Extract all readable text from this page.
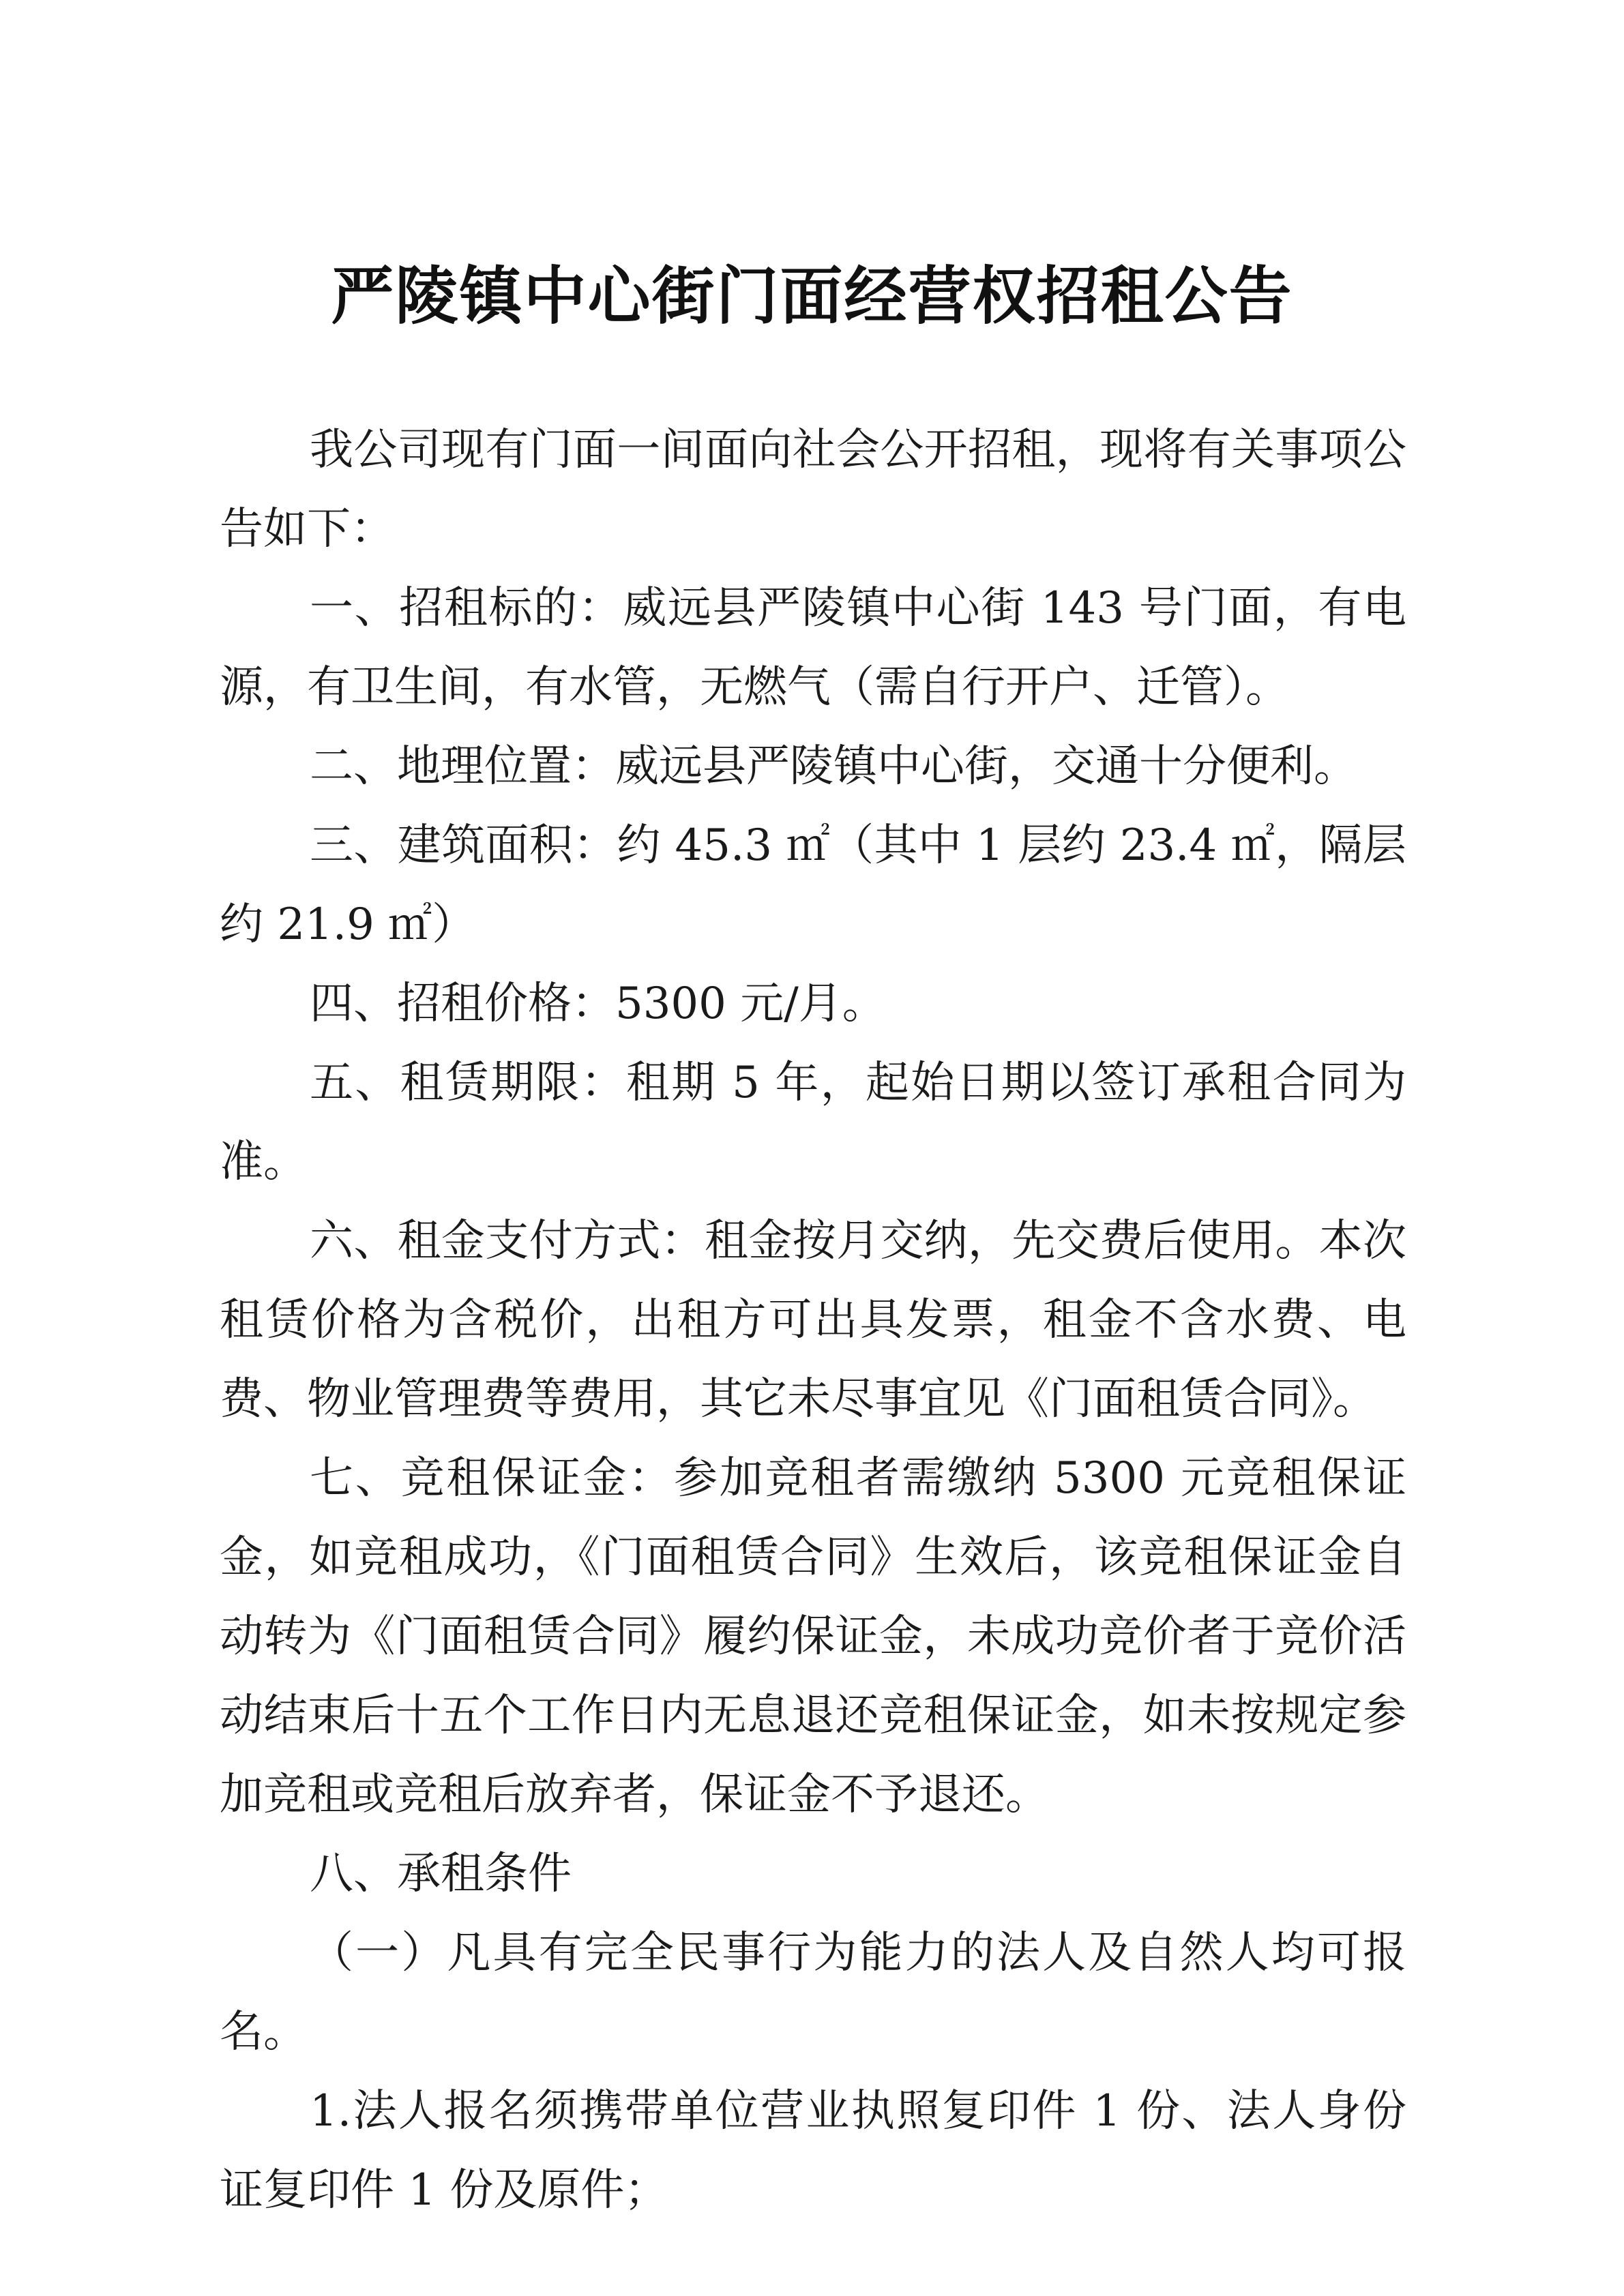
严陵镇中心街门面经营权招租公告

我公司现有门面一间面向社会公开招租，现将有关事项公告如下：

一、招租标的：威远县严陵镇中心街 143 号门面，有电源，有卫生间，有水管，无燃气（需自行开户、迁管）。

二、地理位置：威远县严陵镇中心街，交通十分便利。

三、建筑面积：约 45.3 ㎡（其中 1 层约 23.4 ㎡，隔层约 21.9 ㎡）

四、招租价格：5300 元/月。

五、租赁期限：租期 5 年，起始日期以签订承租合同为准。

六、租金支付方式：租金按月交纳，先交费后使用。本次租赁价格为含税价，出租方可出具发票，租金不含水费、电费、物业管理费等费用，其它未尽事宜见《门面租赁合同》。

七、竞租保证金：参加竞租者需缴纳 5300 元竞租保证金，如竞租成功，《门面租赁合同》生效后，该竞租保证金自动转为《门面租赁合同》履约保证金，未成功竞价者于竞价活动结束后十五个工作日内无息退还竞租保证金，如未按规定参加竞租或竞租后放弃者，保证金不予退还。

八、承租条件

（一）凡具有完全民事行为能力的法人及自然人均可报名。

1.法人报名须携带单位营业执照复印件 1 份、法人身份证复印件 1 份及原件；
